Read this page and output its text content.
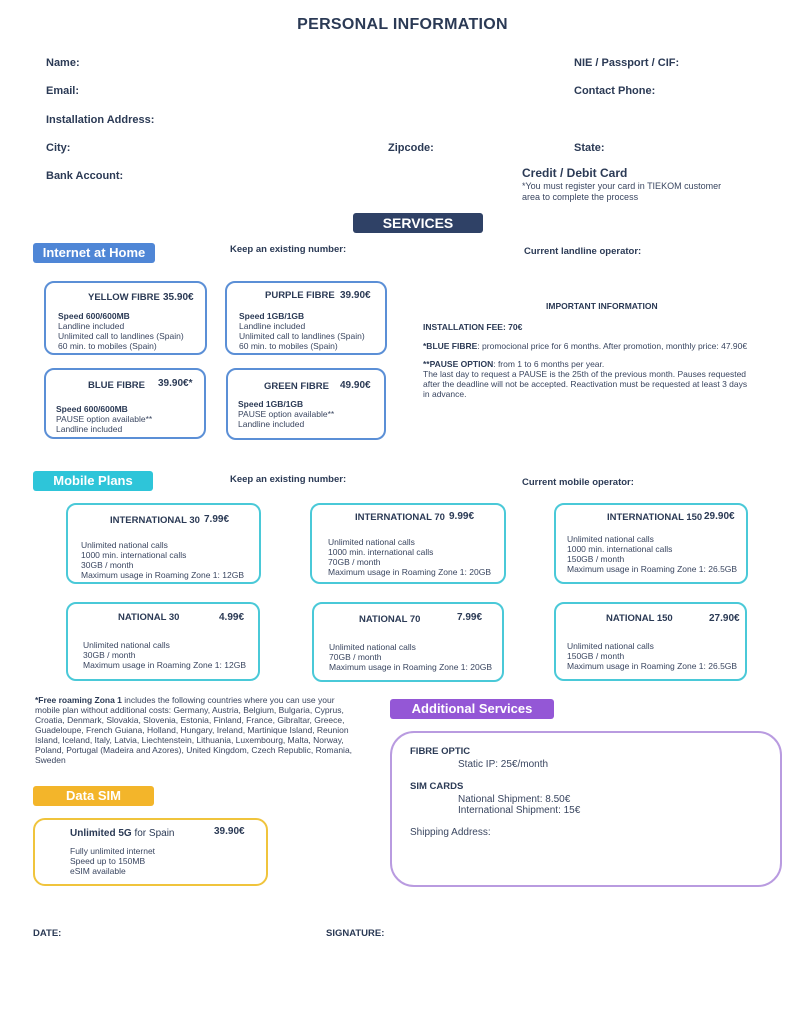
PERSONAL INFORMATION
Name:	NIE / Passport / CIF:
Email:	Contact Phone:
Installation Address:
City:	Zipcode:	State:
Bank Account:	Credit / Debit Card
*You must register your card in TIEKOM customer
area to complete the process
SERVICES
Internet at Home	Keep an existing number:	Current landline operator:
YELLOW FIBRE 35.90€
Speed 600/600MB
Landline included
Unlimited call to landlines (Spain)
60 min. to mobiles (Spain)
PURPLE FIBRE 39.90€
Speed 1GB/1GB
Landline included
Unlimited call to landlines (Spain)
60 min. to mobiles (Spain)
BLUE FIBRE 39.90€*
Speed 600/600MB
PAUSE option available**
Landline included
GREEN FIBRE 49.90€
Speed 1GB/1GB
PAUSE option available**
Landline included
IMPORTANT INFORMATION
INSTALLATION FEE: 70€
*BLUE FIBRE: promocional price for 6 months. After promotion, monthly price: 47.90€
**PAUSE OPTION: from 1 to 6 months per year.
The last day to request a PAUSE is the 25th of the previous month. Pauses requested
after the deadline will not be accepted. Reactivation must be requested at least 3 days
in advance.
Mobile Plans	Keep an existing number:	Current mobile operator:
INTERNATIONAL 30 7.99€
Unlimited national calls
1000 min. international calls
30GB / month
Maximum usage in Roaming Zone 1: 12GB
INTERNATIONAL 70 9.99€
Unlimited national calls
1000 min. international calls
70GB / month
Maximum usage in Roaming Zone 1: 20GB
INTERNATIONAL 150 29.90€
Unlimited national calls
1000 min. international calls
150GB / month
Maximum usage in Roaming Zone 1: 26.5GB
NATIONAL 30	4.99€
Unlimited national calls
30GB / month
Maximum usage in Roaming Zone 1: 12GB
NATIONAL 70	7.99€
Unlimited national calls
70GB / month
Maximum usage in Roaming Zone 1: 20GB
NATIONAL 150	27.90€
Unlimited national calls
150GB / month
Maximum usage in Roaming Zone 1: 26.5GB
*Free roaming Zona 1 includes the following countries where you can use your
mobile plan without additional costs: Germany, Austria, Belgium, Bulgaria, Cyprus,
Croatia, Denmark, Slovakia, Slovenia, Estonia, Finland, France, Gibraltar, Greece,
Guadeloupe, French Guiana, Holland, Hungary, Ireland, Martinique Island, Reunion
Island, Iceland, Italy, Latvia, Liechtenstein, Lithuania, Luxembourg, Malta, Norway,
Poland, Portugal (Madeira and Azores), United Kingdom, Czech Republic, Romania,
Sweden
Additional Services
FIBRE OPTIC
Static IP: 25€/month
SIM CARDS
National Shipment: 8.50€
International Shipment: 15€
Shipping Address:
Data SIM
Unlimited 5G for Spain	39.90€
Fully unlimited internet
Speed up to 150MB
eSIM available
DATE:	SIGNATURE:
